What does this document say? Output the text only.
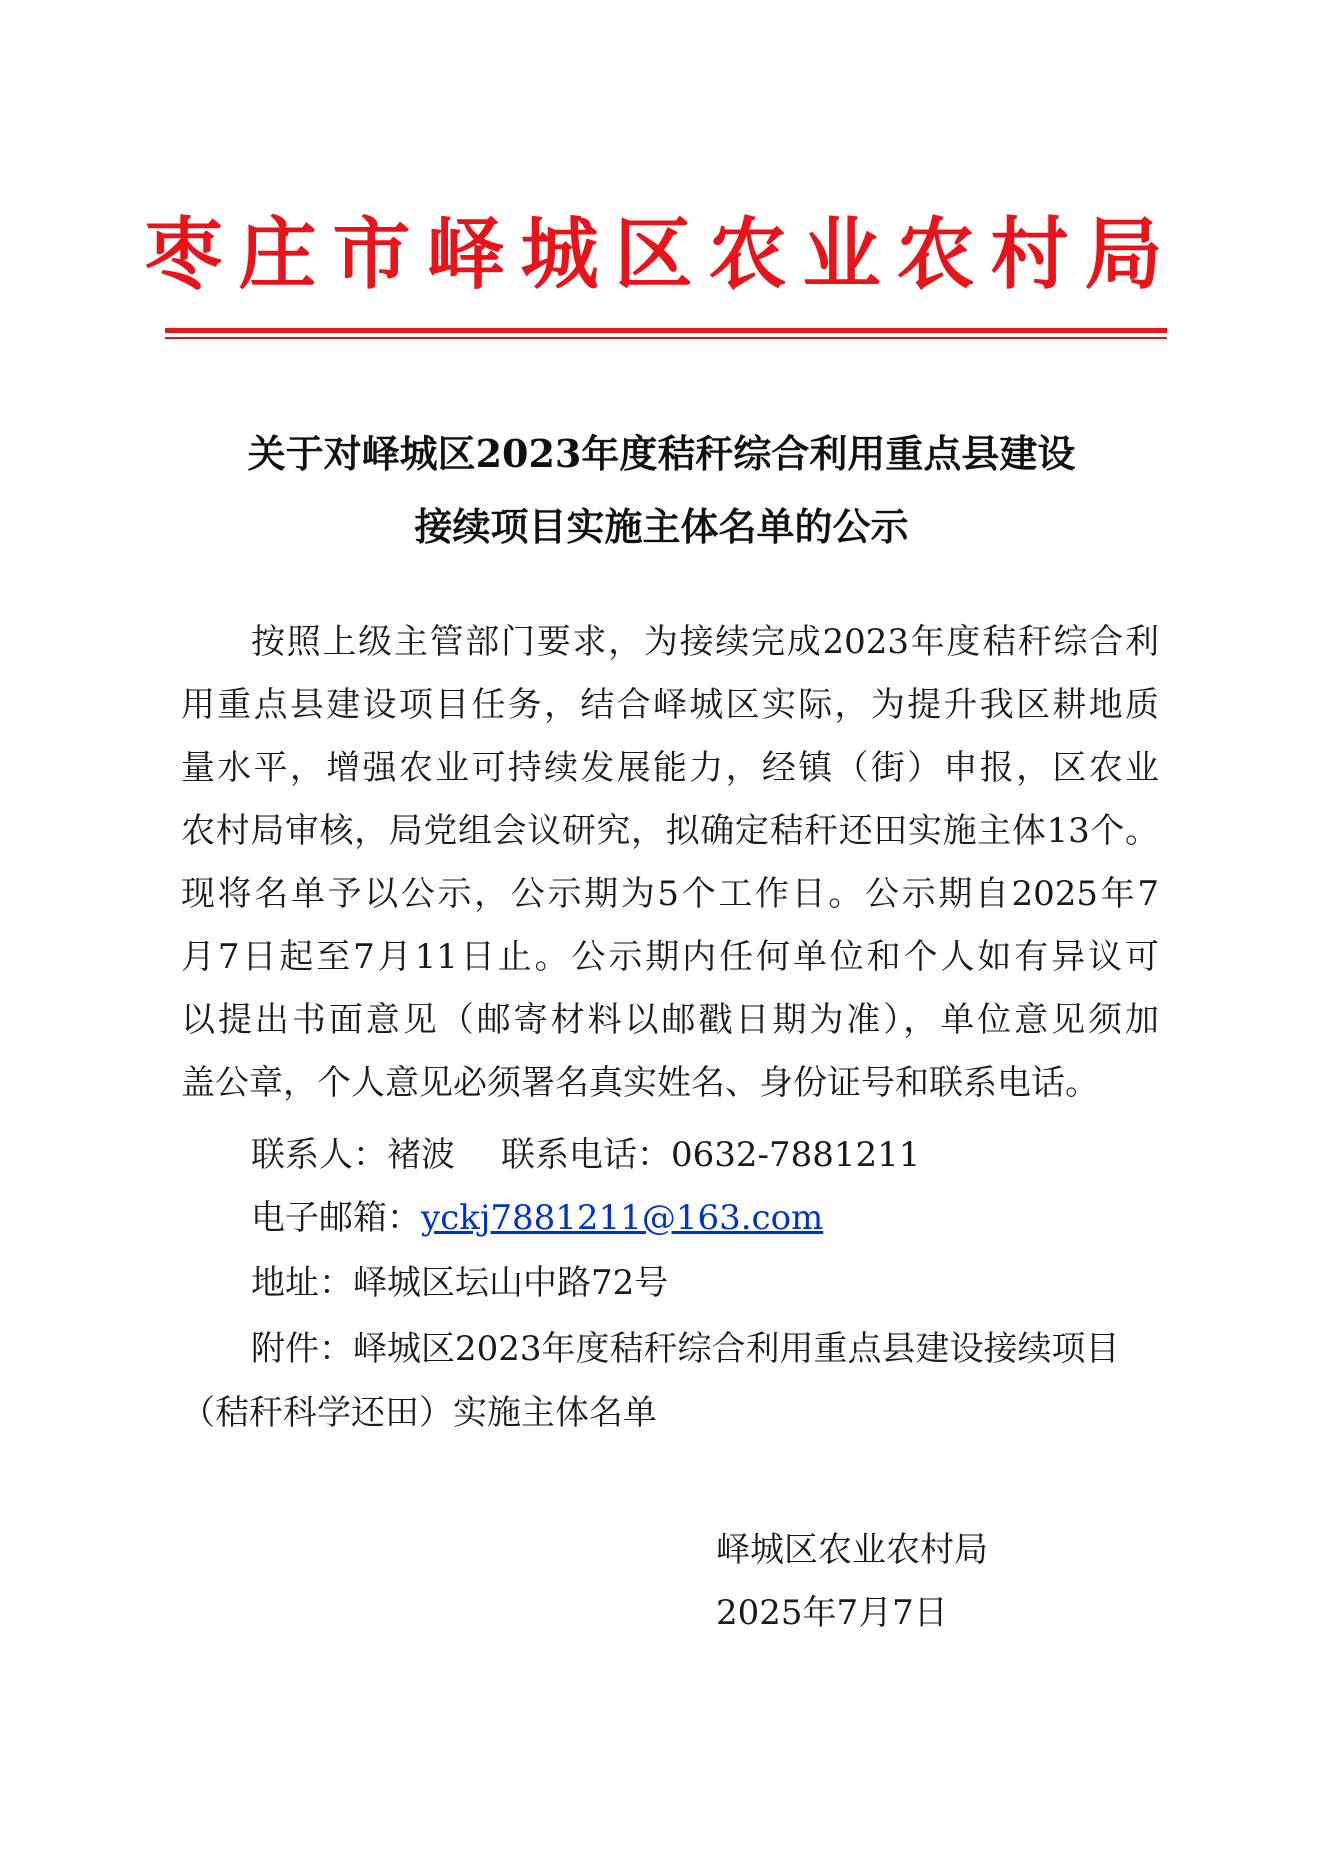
枣庄市峄城区农业农村局
关于对峄城区2023年度秸秆综合利用重点县建设
接续项目实施主体名单的公示
按照上级主管部门要求，为接续完成2023年度秸秆综合利
用重点县建设项目任务，结合峄城区实际，为提升我区耕地质
量水平，增强农业可持续发展能力，经镇（街）申报，区农业
农村局审核，局党组会议研究，拟确定秸秆还田实施主体13个。
现将名单予以公示，公示期为5个工作日。公示期自2025年7
月7日起至7月11日止。公示期内任何单位和个人如有异议可
以提出书面意见（邮寄材料以邮戳日期为准），单位意见须加
盖公章，个人意见必须署名真实姓名、身份证号和联系电话。
联系人：褚波 联系电话：0632-7881211
电子邮箱：yckj7881211@163.com
地址：峄城区坛山中路72号
附件：峄城区2023年度秸秆综合利用重点县建设接续项目
（秸秆科学还田）实施主体名单
峄城区农业农村局
2025年7月7日
